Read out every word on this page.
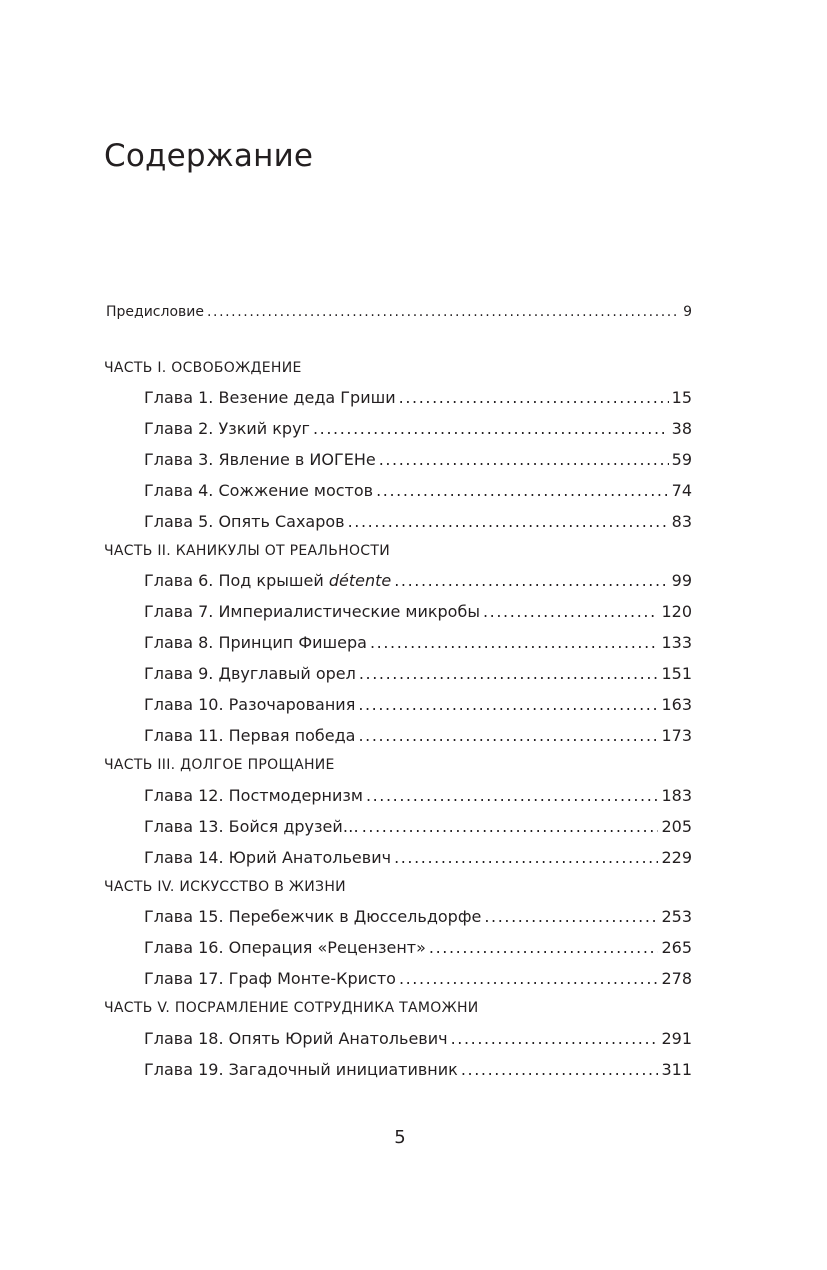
Содержание
Предисловие .....	9
ЧАСТЬ I. ОСВОБОЖДЕНИЕ
Глава 1. Везение деда Гриши .....	15
Глава 2. Узкий круг .....	38
Глава 3. Явление в ИОГЕНе .....	59
Глава 4. Сожжение мостов .....	74
Глава 5. Опять Сахаров .....	83
ЧАСТЬ II. КАНИКУЛЫ ОТ РЕАЛЬНОСТИ
Глава 6. Под крышей détente .....	99
Глава 7. Империалистические микробы .....	120
Глава 8. Принцип Фишера .....	133
Глава 9. Двуглавый орел .....	151
Глава 10. Разочарования .....	163
Глава 11. Первая победа .....	173
ЧАСТЬ III. ДОЛГОЕ ПРОЩАНИЕ
Глава 12. Постмодернизм .....	183
Глава 13. Бойся друзей… .....	205
Глава 14. Юрий Анатольевич .....	229
ЧАСТЬ IV. ИСКУССТВО В ЖИЗНИ
Глава 15. Перебежчик в Дюссельдорфе .....	253
Глава 16. Операция «Рецензент» .....	265
Глава 17. Граф Монте-Кристо .....	278
ЧАСТЬ V. ПОСРАМЛЕНИЕ СОТРУДНИКА ТАМОЖНИ
Глава 18. Опять Юрий Анатольевич .....	291
Глава 19. Загадочный инициативник .....	311
5
